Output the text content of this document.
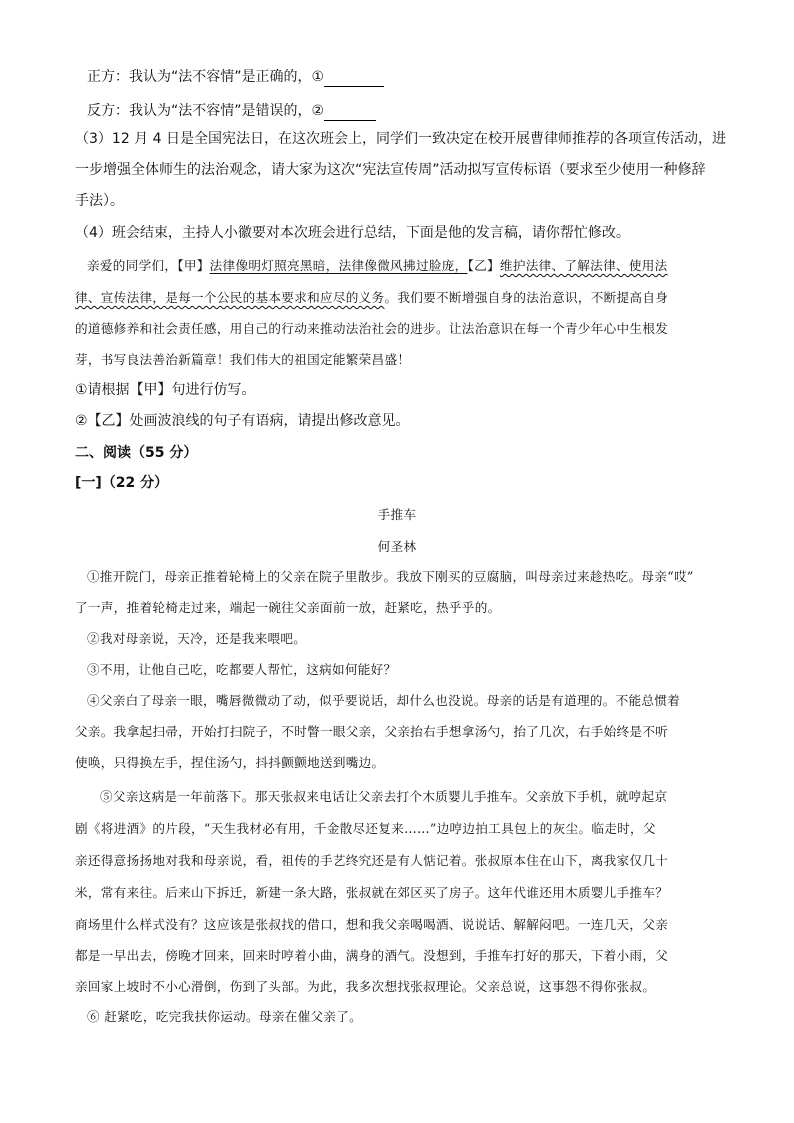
正方：我认为“法不容情”是正确的，①
反方：我认为“法不容情”是错误的，②
（3）12 月 4 日是全国宪法日，在这次班会上，同学们一致决定在校开展曹律师推荐的各项宣传活动，进
一步增强全体师生的法治观念，请大家为这次“宪法宣传周”活动拟写宣传标语（要求至少使用一种修辞
手法）。
（4）班会结束，主持人小徽要对本次班会进行总结，下面是他的发言稿，请你帮忙修改。
亲爱的同学们，【甲】法律像明灯照亮黑暗，法律像微风拂过脸庞，【乙】维护法律、了解法律、使用法
律、宣传法律，是每一个公民的基本要求和应尽的义务。我们要不断增强自身的法治意识，不断提高自身
的道德修养和社会责任感，用自己的行动来推动法治社会的进步。让法治意识在每一个青少年心中生根发
芽，书写良法善治新篇章！我们伟大的祖国定能繁荣昌盛！
①请根据【甲】句进行仿写。
②【乙】处画波浪线的句子有语病，请提出修改意见。
二、阅读（55 分）
[一]（22 分）
手推车
何圣林
①推开院门，母亲正推着轮椅上的父亲在院子里散步。我放下刚买的豆腐脑，叫母亲过来趁热吃。母亲“哎”
了一声，推着轮椅走过来，端起一碗往父亲面前一放，赶紧吃，热乎乎的。
②我对母亲说，天冷，还是我来喂吧。
③不用，让他自己吃，吃都要人帮忙，这病如何能好？
④父亲白了母亲一眼，嘴唇微微动了动，似乎要说话，却什么也没说。母亲的话是有道理的。不能总惯着
父亲。我拿起扫帚，开始打扫院子，不时瞥一眼父亲，父亲抬右手想拿汤勺，抬了几次，右手始终是不听
使唤，只得换左手，捏住汤勺，抖抖颤颤地送到嘴边。
⑤父亲这病是一年前落下。那天张叔来电话让父亲去打个木质婴儿手推车。父亲放下手机，就哼起京
剧《将进酒》的片段，“天生我材必有用，千金散尽还复来……”边哼边拍工具包上的灰尘。临走时，父
亲还得意扬扬地对我和母亲说，看，祖传的手艺终究还是有人惦记着。张叔原本住在山下，离我家仅几十
米，常有来往。后来山下拆迁，新建一条大路，张叔就在郊区买了房子。这年代谁还用木质婴儿手推车？
商场里什么样式没有？这应该是张叔找的借口，想和我父亲喝喝酒、说说话、解解闷吧。一连几天，父亲
都是一早出去，傍晚才回来，回来时哼着小曲，满身的酒气。没想到，手推车打好的那天，下着小雨，父
亲回家上坡时不小心滑倒，伤到了头部。为此，我多次想找张叔理论。父亲总说，这事怨不得你张叔。
⑥ 赶紧吃，吃完我扶你运动。母亲在催父亲了。
